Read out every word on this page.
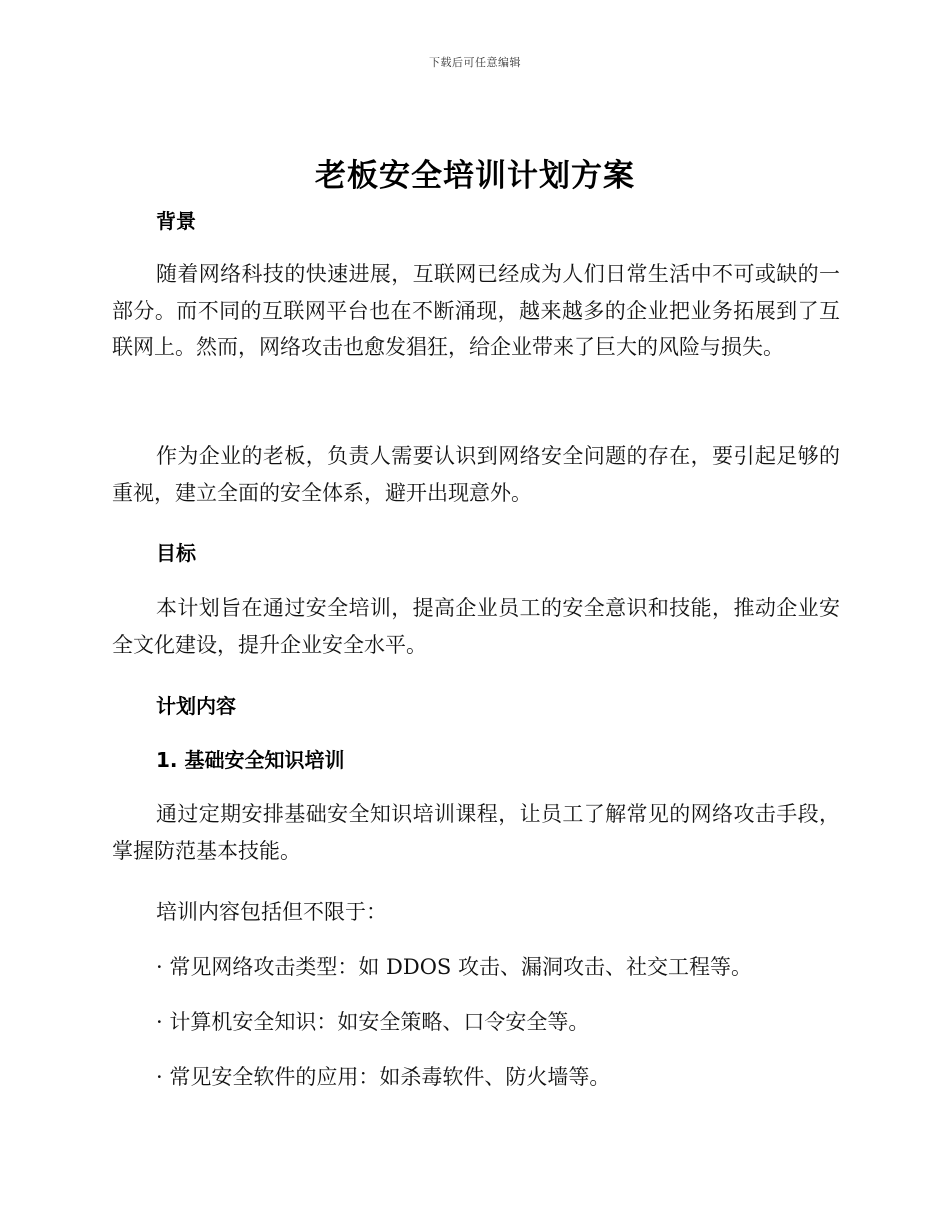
下载后可任意编辑
老板安全培训计划方案
背景

随着网络科技的快速进展，互联网已经成为人们日常生活中不可或缺的一部分。而不同的互联网平台也在不断涌现，越来越多的企业把业务拓展到了互联网上。然而，网络攻击也愈发猖狂，给企业带来了巨大的风险与损失。

作为企业的老板，负责人需要认识到网络安全问题的存在，要引起足够的重视，建立全面的安全体系，避开出现意外。

目标

本计划旨在通过安全培训，提高企业员工的安全意识和技能，推动企业安全文化建设，提升企业安全水平。

计划内容
1. 基础安全知识培训

通过定期安排基础安全知识培训课程，让员工了解常见的网络攻击手段，掌握防范基本技能。

培训内容包括但不限于：
· 常见网络攻击类型：如 DDOS 攻击、漏洞攻击、社交工程等。
· 计算机安全知识：如安全策略、口令安全等。
· 常见安全软件的应用：如杀毒软件、防火墙等。
